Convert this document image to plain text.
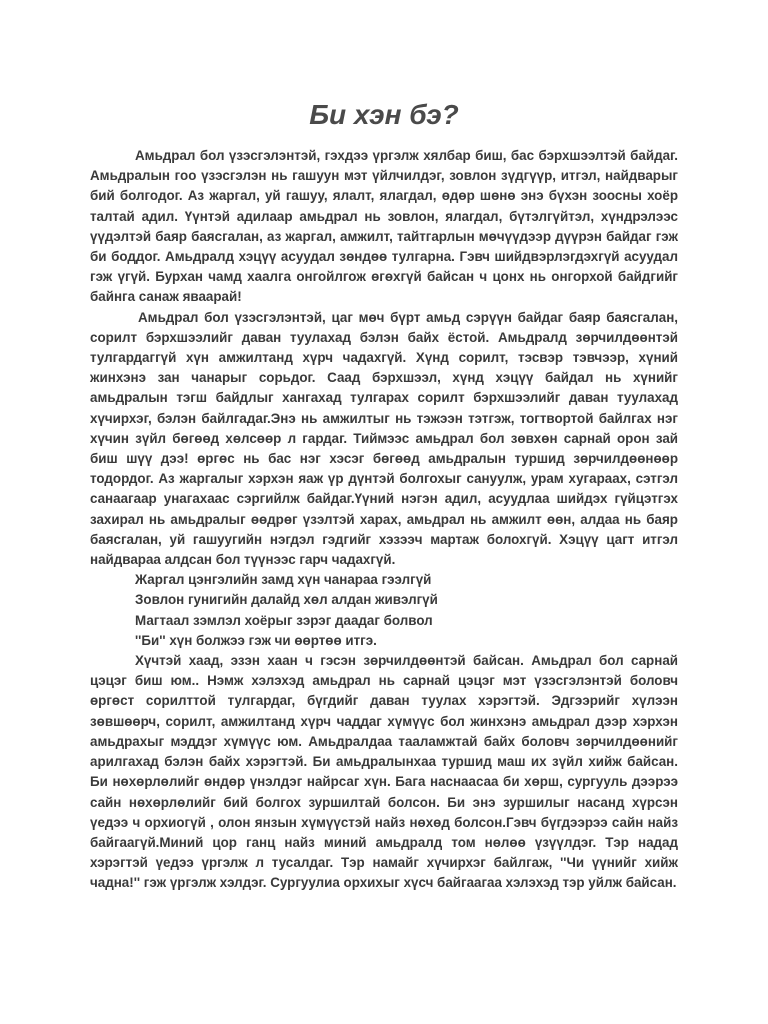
Би хэн бэ?

Амьдрал бол үзэсгэлэнтэй, гэхдээ үргэлж хялбар биш, бас бэрхшээлтэй байдаг. Амьдралын гоо үзэсгэлэн нь гашуун мэт үйлчилдэг, зовлон зүдгүүр, итгэл, найдварыг бий болгодог. Аз жаргал, уй гашуу, ялалт, ялагдал, өдөр шөнө энэ бүхэн зоосны хоёр талтай адил. Үүнтэй адилаар амьдрал нь зовлон, ялагдал, бүтэлгүйтэл, хүндрэлээс үүдэлтэй баяр баясгалан, аз жаргал, амжилт, тайтгарлын мөчүүдээр дүүрэн байдаг гэж би боддог. Амьдралд хэцүү асуудал зөндөө тулгарна. Гэвч шийдвэрлэгдэхгүй асуудал гэж үгүй. Бурхан чамд хаалга онгойлгож өгөхгүй байсан ч цонх нь онгорхой байдгийг байнга санаж яваарай!

Амьдрал бол үзэсгэлэнтэй, цаг мөч бүрт амьд сэрүүн байдаг баяр баясгалан, сорилт бэрхшээлийг даван туулахад бэлэн байх ёстой. Амьдралд зөрчилдөөнтэй тулгардаггүй хүн амжилтанд хүрч чадахгүй. Хүнд сорилт, тэсвэр тэвчээр, хүний жинхэнэ зан чанарыг сорьдог. Саад бэрхшээл, хүнд хэцүү байдал нь хүнийг амьдралын тэгш байдлыг хангахад тулгарах сорилт бэрхшээлийг даван туулахад хүчирхэг, бэлэн байлгадаг.Энэ нь амжилтыг нь тэжээн тэтгэж, тогтвортой байлгах нэг хүчин зүйл бөгөөд хөлсөөр л гардаг. Тиймээс амьдрал бол зөвхөн сарнай орон зай биш шүү дээ! өргөс нь бас нэг хэсэг бөгөөд амьдралын туршид зөрчилдөөнөөр тодордог. Аз жаргалыг хэрхэн яаж үр дүнтэй болгохыг сануулж, урам хугараах, сэтгэл санаагаар унагахаас сэргийлж байдаг.Үүний нэгэн адил, асуудлаа шийдэх гүйцэтгэх захирал нь амьдралыг өөдрөг үзэлтэй харах, амьдрал нь амжилт өөн, алдаа нь баяр баясгалан, уй гашуугийн нэгдэл гэдгийг хэзээч мартаж болохгүй. Хэцүү цагт итгэл найдвараа алдсан бол түүнээс гарч чадахгүй.

Жаргал цэнгэлийн замд хүн чанараа гээлгүй
Зовлон гунигийн далайд хөл алдан живэлгүй
Магтаал зэмлэл хоёрыг зэрэг даадаг болвол
''Би'' хүн болжээ гэж чи өөртөө итгэ.

Хүчтэй хаад, эзэн хаан ч гэсэн зөрчилдөөнтэй байсан. Амьдрал бол сарнай цэцэг биш юм.. Нэмж хэлэхэд амьдрал нь сарнай цэцэг мэт үзэсгэлэнтэй боловч өргөст сорилттой тулгардаг, бүгдийг даван туулах хэрэгтэй. Эдгээрийг хүлээн зөвшөөрч, сорилт, амжилтанд хүрч чаддаг хүмүүс бол жинхэнэ амьдрал дээр хэрхэн амьдрахыг мэддэг хүмүүс юм. Амьдралдаа тааламжтай байх боловч зөрчилдөөнийг арилгахад бэлэн байх хэрэгтэй. Би амьдралынхаа туршид маш их зүйл хийж байсан. Би нөхөрлөлийг өндөр үнэлдэг найрсаг хүн. Бага наснаасаа би хөрш, сургууль дээрээ сайн нөхөрлөлийг бий болгох зуршилтай болсон. Би энэ зуршилыг насанд хүрсэн үедээ ч орхиогүй , олон янзын хүмүүстэй найз нөхөд болсон.Гэвч бүгдээрээ сайн найз байгаагүй.Миний цор ганц найз миний амьдралд том нөлөө үзүүлдэг. Тэр надад хэрэгтэй үедээ үргэлж л тусалдаг. Тэр намайг хүчирхэг байлгаж, ''Чи үүнийг хийж чадна!'' гэж үргэлж хэлдэг. Сургуулиа орхихыг хүсч байгаагаа хэлэхэд тэр уйлж байсан.
